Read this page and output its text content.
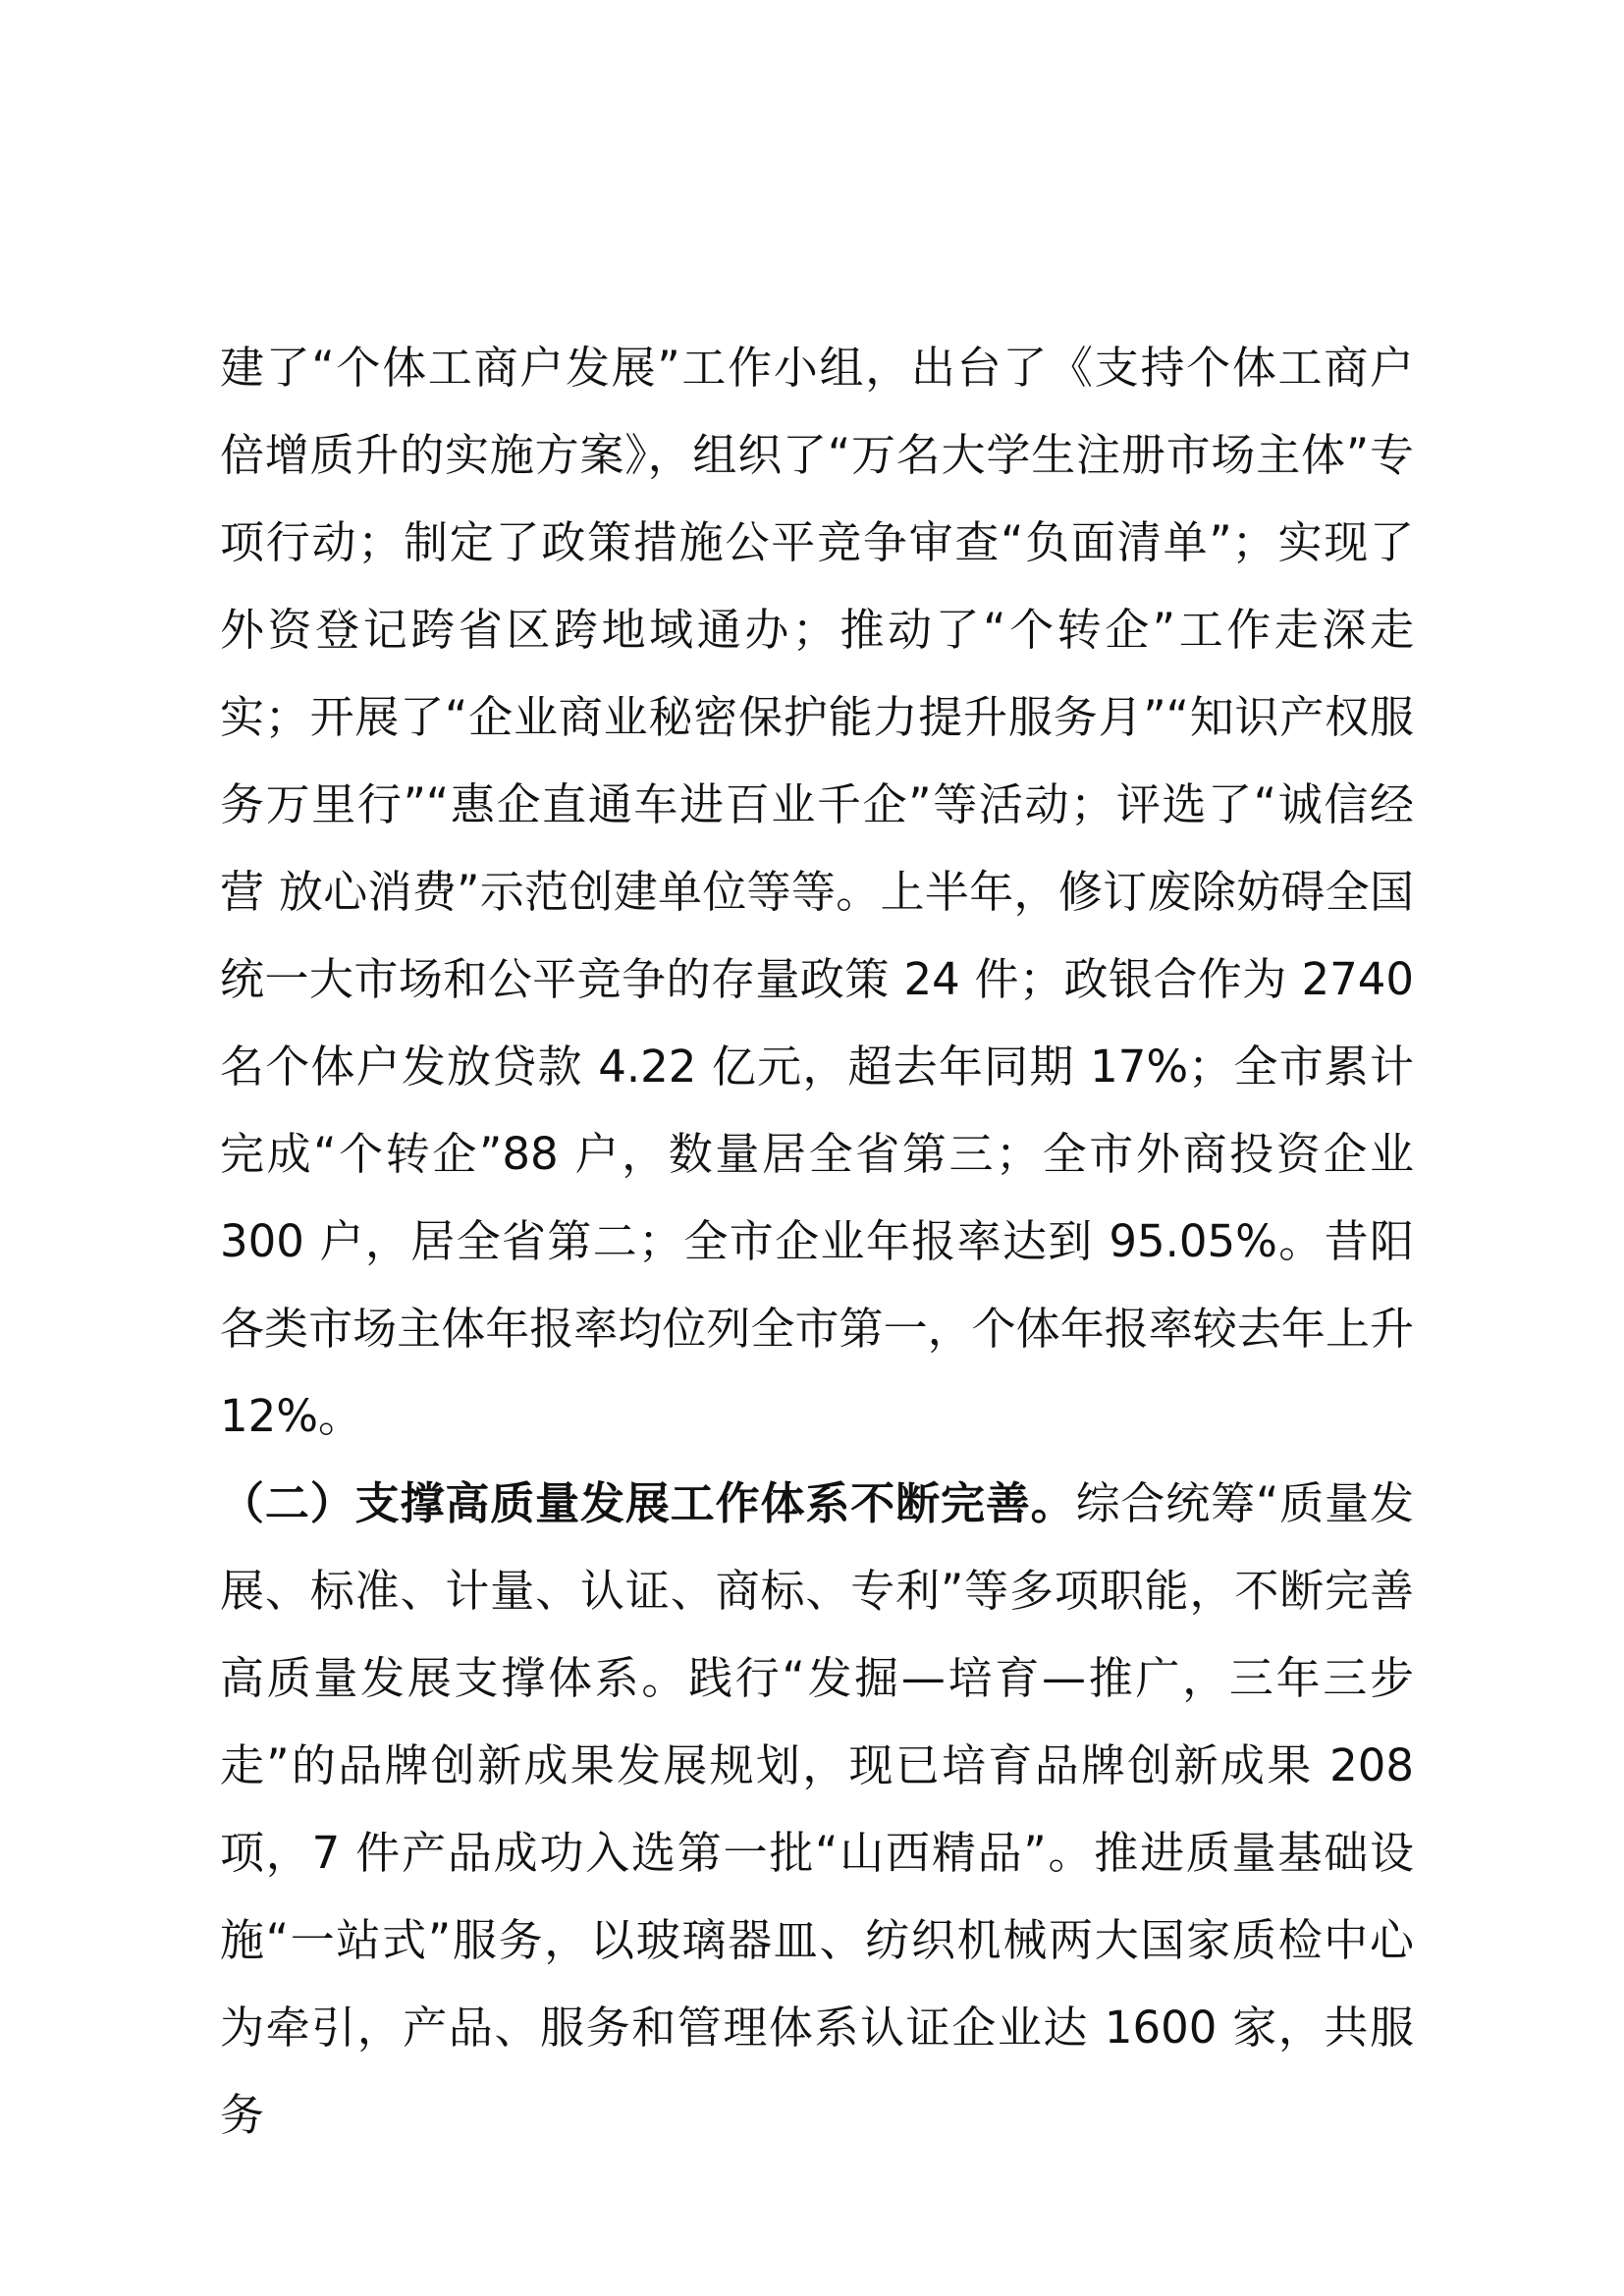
建了“个体工商户发展”工作小组，出台了《支持个体工商户倍增质升的实施方案》，组织了“万名大学生注册市场主体”专项行动；制定了政策措施公平竞争审查“负面清单”；实现了外资登记跨省区跨地域通办；推动了“个转企”工作走深走实；开展了“企业商业秘密保护能力提升服务月”“知识产权服务万里行”“惠企直通车进百业千企”等活动；评选了“诚信经营 放心消费”示范创建单位等等。上半年，修订废除妨碍全国统一大市场和公平竞争的存量政策 24 件；政银合作为 2740 名个体户发放贷款 4.22 亿元，超去年同期 17%；全市累计完成“个转企”88 户，数量居全省第三；全市外商投资企业 300 户，居全省第二；全市企业年报率达到 95.05%。昔阳各类市场主体年报率均位列全市第一，个体年报率较去年上升 12%。

（二）支撑高质量发展工作体系不断完善。综合统筹“质量发展、标准、计量、认证、商标、专利”等多项职能，不断完善高质量发展支撑体系。践行“发掘—培育—推广，三年三步走”的品牌创新成果发展规划，现已培育品牌创新成果 208 项，7 件产品成功入选第一批“山西精品”。推进质量基础设施“一站式”服务，以玻璃器皿、纺织机械两大国家质检中心为牵引，产品、服务和管理体系认证企业达 1600 家，共服务
